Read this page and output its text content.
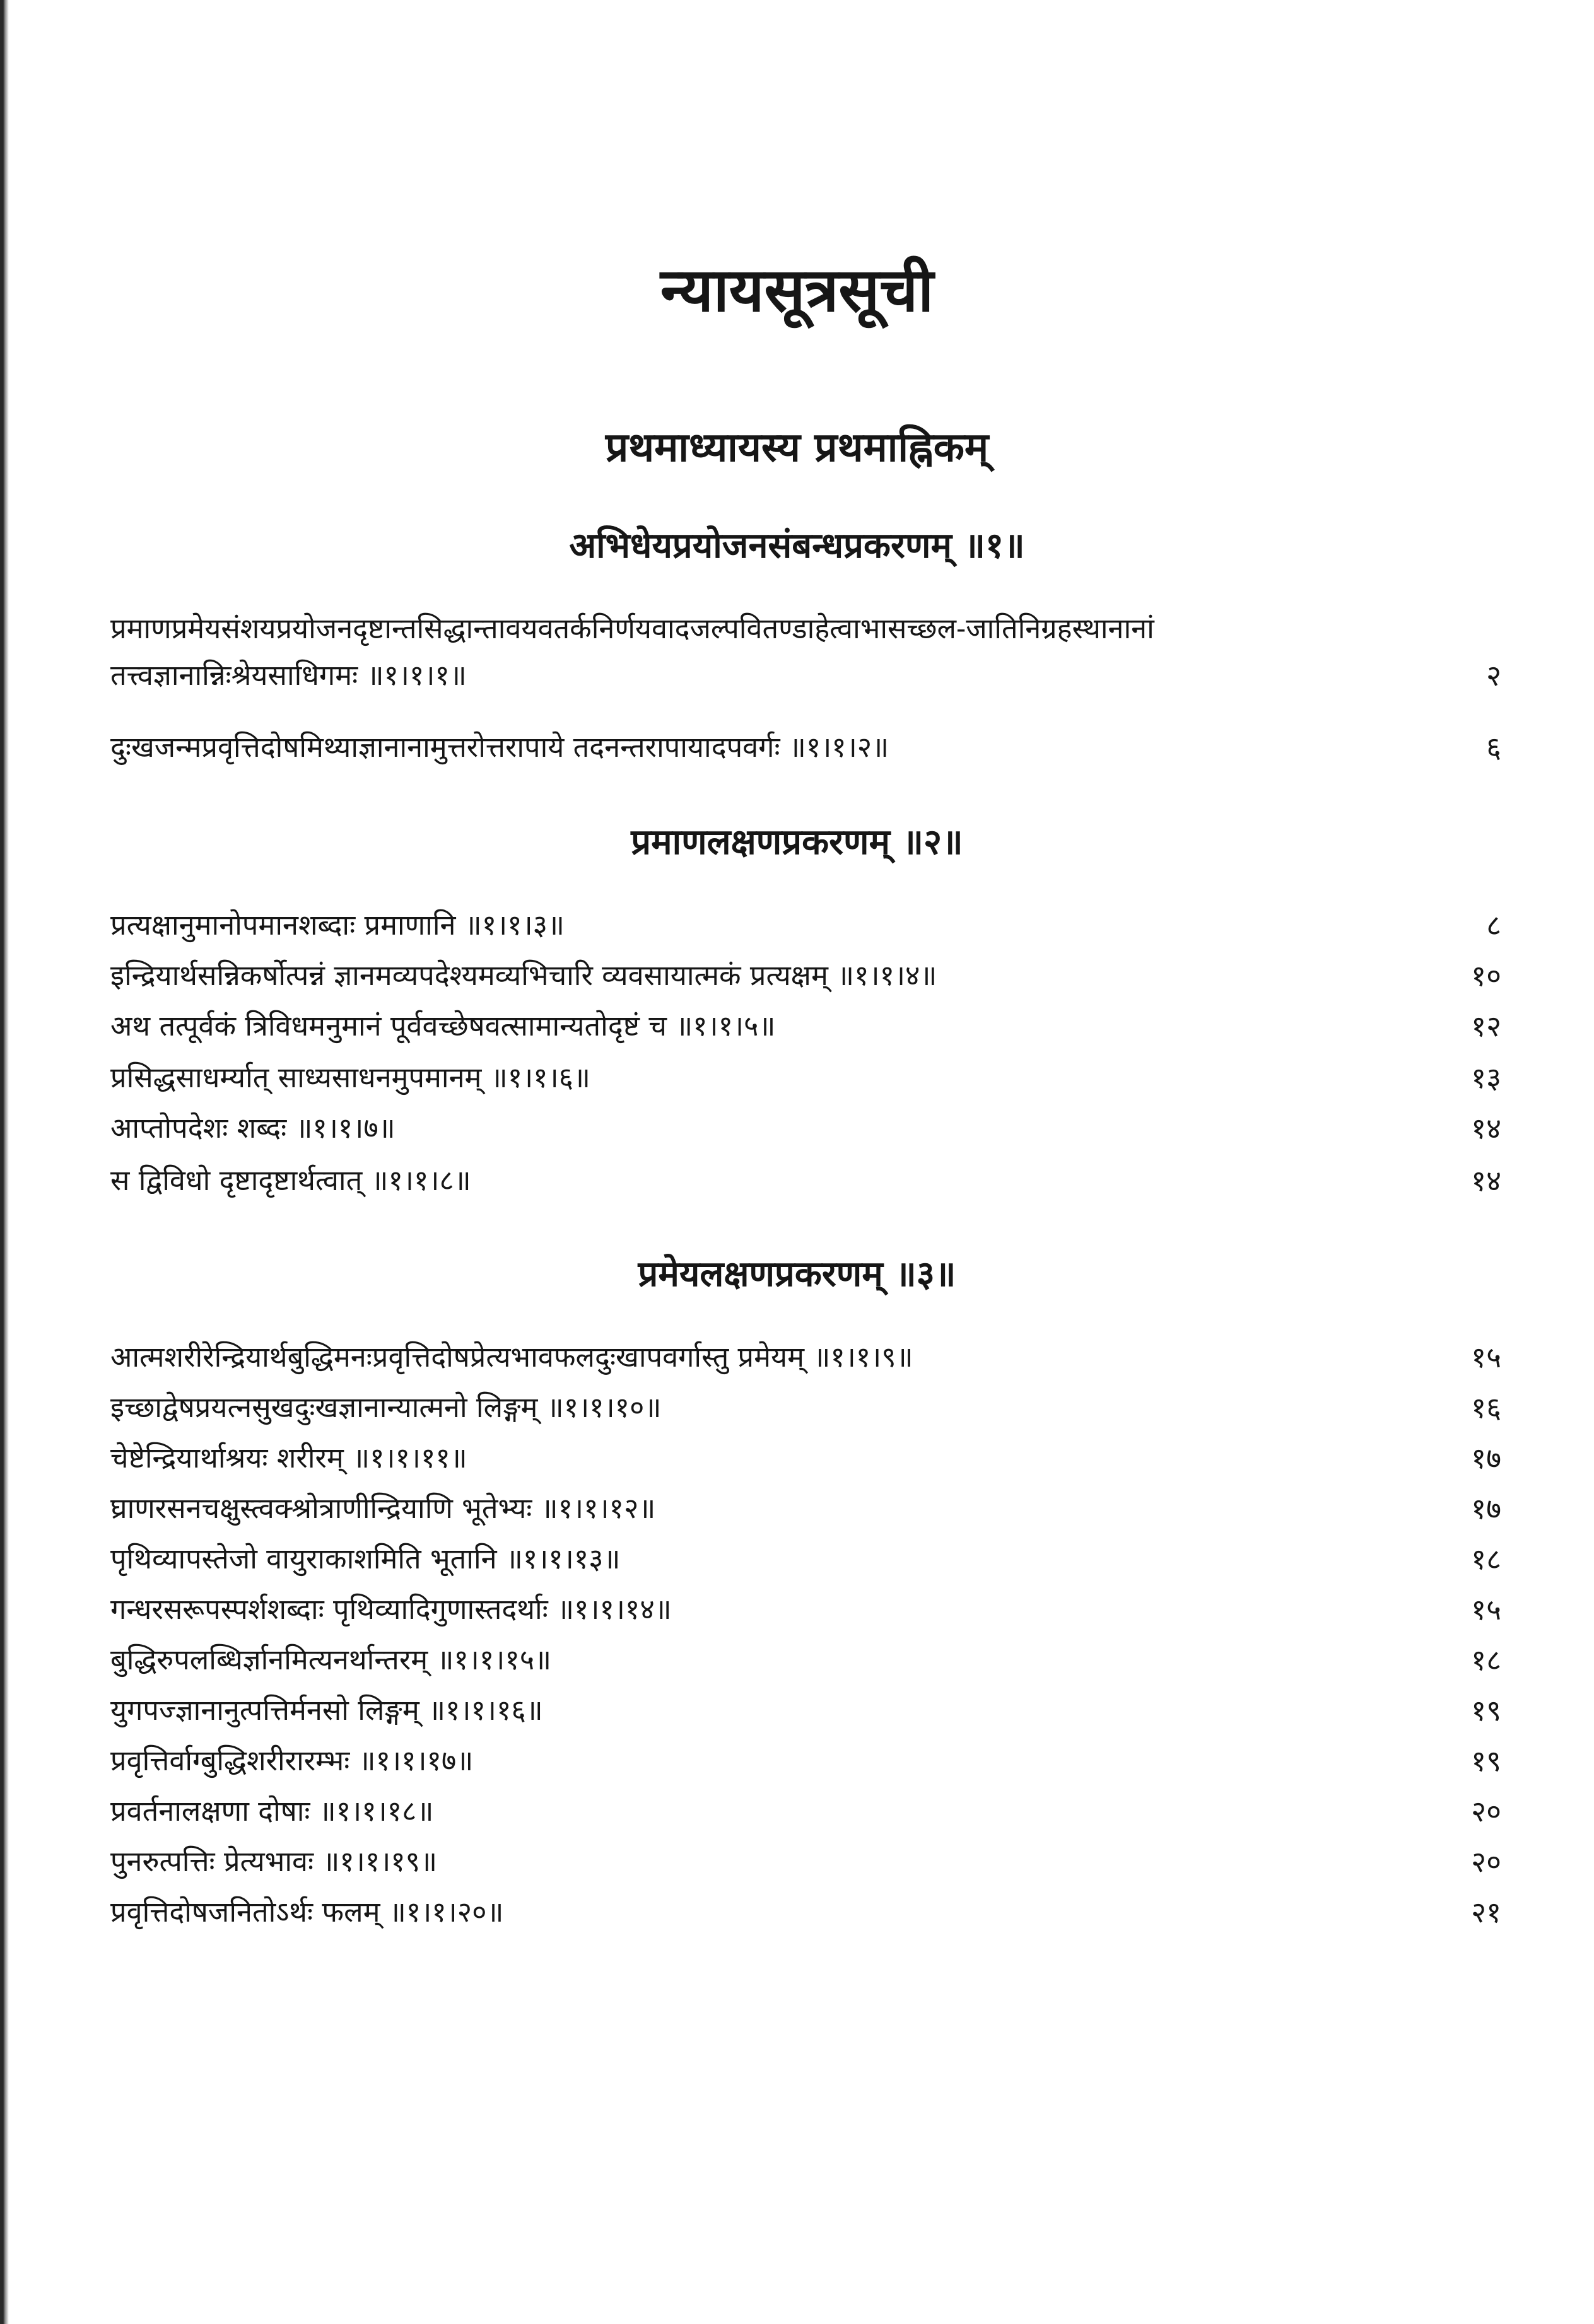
न्यायसूत्रसूची
प्रथमाध्यायस्य प्रथमाह्निकम्
अभिधेयप्रयोजनसंबन्धप्रकरणम् ॥१॥
प्रमाणप्रमेयसंशयप्रयोजनदृष्टान्तसिद्धान्तावयवतर्कनिर्णयवादजल्पवितण्डाहेत्वाभासच्छल-जातिनिग्रहस्थानानां तत्त्वज्ञानान्निःश्रेयसाधिगमः ॥१।१।१॥	२
दुःखजन्मप्रवृत्तिदोषमिथ्याज्ञानानामुत्तरोत्तरापाये तदनन्तरापायादपवर्गः ॥१।१।२॥	६
प्रमाणलक्षणप्रकरणम् ॥२॥
प्रत्यक्षानुमानोपमानशब्दाः प्रमाणानि ॥१।१।३॥	८
इन्द्रियार्थसन्निकर्षोत्पन्नं ज्ञानमव्यपदेश्यमव्यभिचारि व्यवसायात्मकं प्रत्यक्षम् ॥१।१।४॥	१०
अथ तत्पूर्वकं त्रिविधमनुमानं पूर्ववच्छेषवत्सामान्यतोदृष्टं च ॥१।१।५॥	१२
प्रसिद्धसाधर्म्यात् साध्यसाधनमुपमानम् ॥१।१।६॥	१३
आप्तोपदेशः शब्दः ॥१।१।७॥	१४
स द्विविधो दृष्टादृष्टार्थत्वात् ॥१।१।८॥	१४
प्रमेयलक्षणप्रकरणम् ॥३॥
आत्मशरीरेन्द्रियार्थबुद्धिमनःप्रवृत्तिदोषप्रेत्यभावफलदुःखापवर्गास्तु प्रमेयम् ॥१।१।९॥	१५
इच्छाद्वेषप्रयत्नसुखदुःखज्ञानान्यात्मनो लिङ्गम् ॥१।१।१०॥	१६
चेष्टेन्द्रियार्थाश्रयः शरीरम् ॥१।१।११॥	१७
घ्राणरसनचक्षुस्त्वक्श्रोत्राणीन्द्रियाणि भूतेभ्यः ॥१।१।१२॥	१७
पृथिव्यापस्तेजो वायुराकाशमिति भूतानि ॥१।१।१३॥	१८
गन्धरसरूपस्पर्शशब्दाः पृथिव्यादिगुणास्तदर्थाः ॥१।१।१४॥	१५
बुद्धिरुपलब्धिर्ज्ञानमित्यनर्थान्तरम् ॥१।१।१५॥	१८
युगपज्ज्ञानानुत्पत्तिर्मनसो लिङ्गम् ॥१।१।१६॥	१९
प्रवृत्तिर्वाग्बुद्धिशरीरारम्भः ॥१।१।१७॥	१९
प्रवर्तनालक्षणा दोषाः ॥१।१।१८॥	२०
पुनरुत्पत्तिः प्रेत्यभावः ॥१।१।१९॥	२०
प्रवृत्तिदोषजनितोऽर्थः फलम् ॥१।१।२०॥	२१
